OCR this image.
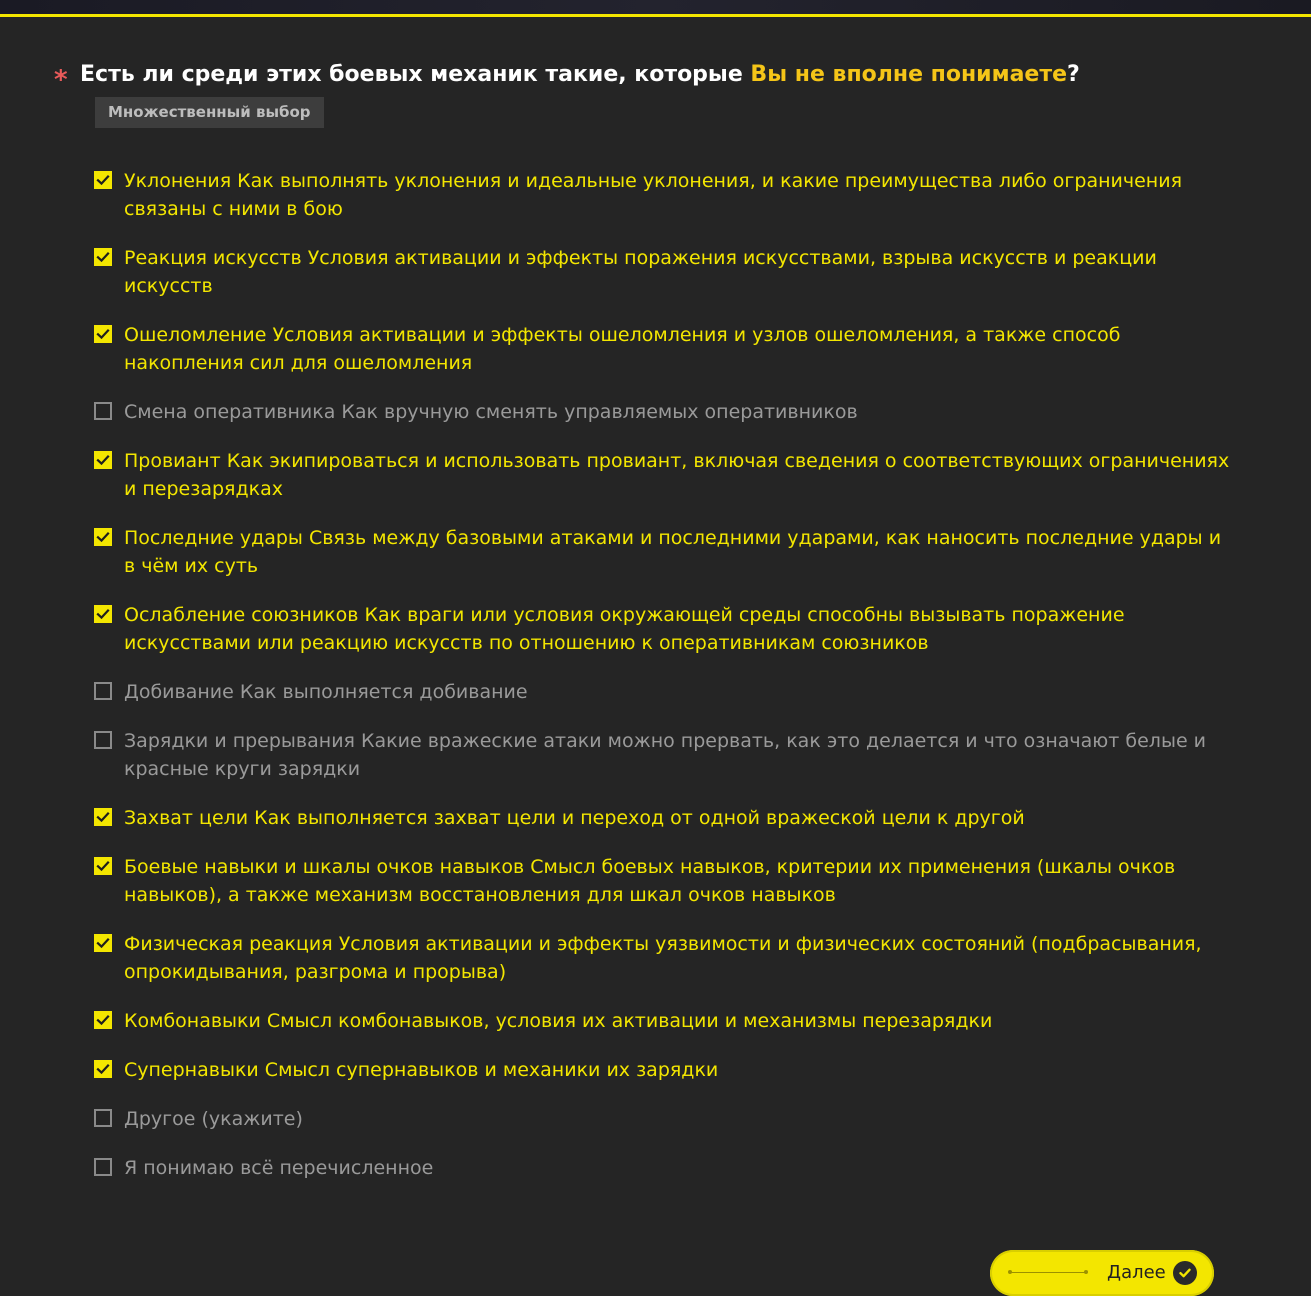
* Есть ли среди этих боевых механик такие, которые Вы не вполне понимаете?
Множественный выбор
Уклонения Как выполнять уклонения и идеальные уклонения, и какие преимущества либо ограничения связаны с ними в бою
Реакция искусств Условия активации и эффекты поражения искусствами, взрыва искусств и реакции искусств
Ошеломление Условия активации и эффекты ошеломления и узлов ошеломления, а также способ накопления сил для ошеломления
Смена оперативника Как вручную сменять управляемых оперативников
Провиант Как экипироваться и использовать провиант, включая сведения о соответствующих ограничениях и перезарядках
Последние удары Связь между базовыми атаками и последними ударами, как наносить последние удары и в чём их суть
Ослабление союзников Как враги или условия окружающей среды способны вызывать поражение искусствами или реакцию искусств по отношению к оперативникам союзников
Добивание Как выполняется добивание
Зарядки и прерывания Какие вражеские атаки можно прервать, как это делается и что означают белые и красные круги зарядки
Захват цели Как выполняется захват цели и переход от одной вражеской цели к другой
Боевые навыки и шкалы очков навыков Смысл боевых навыков, критерии их применения (шкалы очков навыков), а также механизм восстановления для шкал очков навыков
Физическая реакция Условия активации и эффекты уязвимости и физических состояний (подбрасывания, опрокидывания, разгрома и прорыва)
Комбонавыки Смысл комбонавыков, условия их активации и механизмы перезарядки
Супернавыки Смысл супернавыков и механики их зарядки
Другое (укажите)
Я понимаю всё перечисленное
Далее
